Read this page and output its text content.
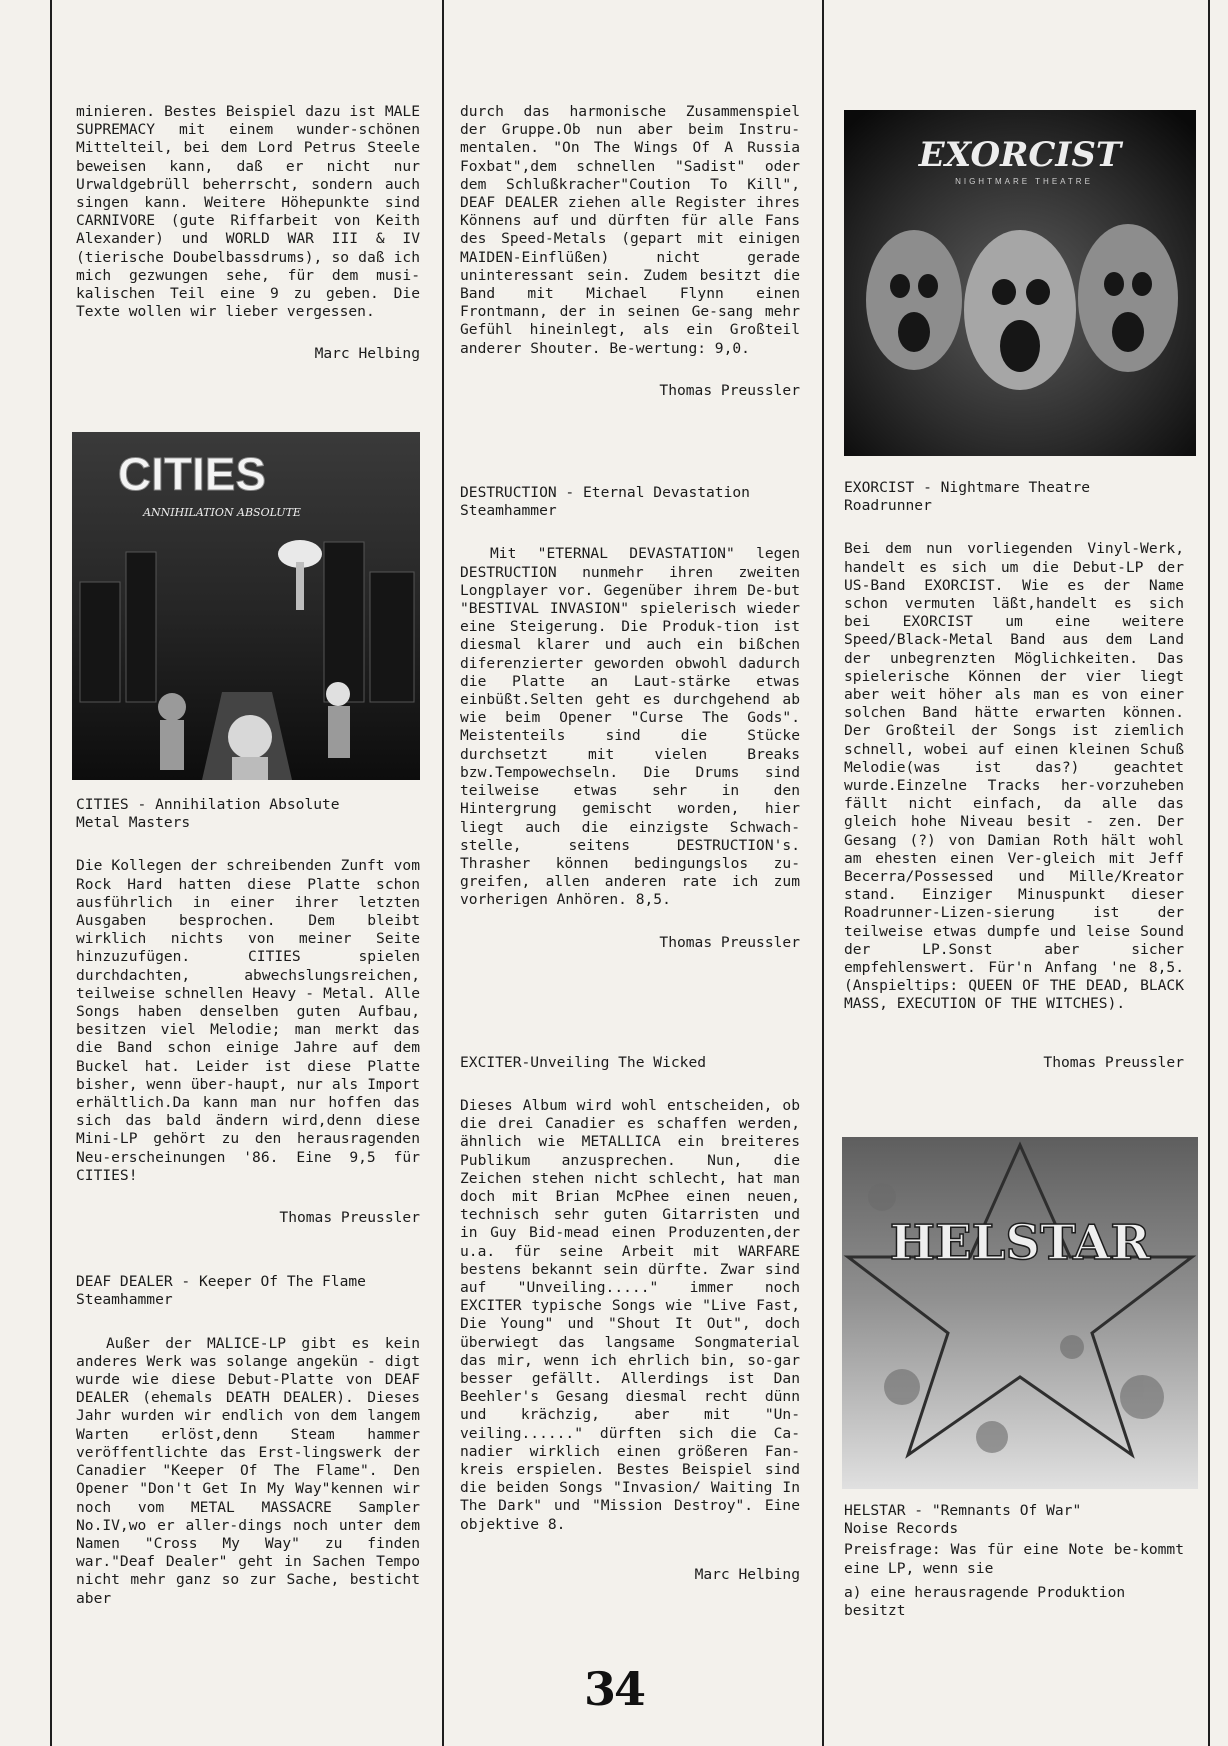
minieren. Bestes Beispiel dazu ist MALE SUPREMACY mit einem wunder-schönen Mittelteil, bei dem Lord Petrus Steele beweisen kann, daß er nicht nur Urwaldgebrüll beherrscht, sondern auch singen kann. Weitere Höhepunkte sind CARNIVORE (gute Riffarbeit von Keith Alexander) und WORLD WAR III & IV (tierische Doubelbassdrums), so daß ich mich gezwungen sehe, für dem musi-kalischen Teil eine 9 zu geben. Die Texte wollen wir lieber vergessen.

Marc Helbing

CITIES
ANNIHILATION ABSOLUTE

CITIES - Annihilation Absolute
Metal Masters

Die Kollegen der schreibenden Zunft vom Rock Hard hatten diese Platte schon ausführlich in einer ihrer letzten Ausgaben besprochen. Dem bleibt wirklich nichts von meiner Seite hinzuzufügen. CITIES spielen durchdachten, abwechslungsreichen, teilweise schnellen Heavy - Metal. Alle Songs haben denselben guten Aufbau, besitzen viel Melodie; man merkt das die Band schon einige Jahre auf dem Buckel hat. Leider ist diese Platte bisher, wenn über-haupt, nur als Import erhältlich.Da kann man nur hoffen das sich das bald ändern wird,denn diese Mini-LP gehört zu den herausragenden Neu-erscheinungen '86. Eine 9,5 für CITIES!

Thomas Preussler

DEAF DEALER - Keeper Of The Flame
Steamhammer

Außer der MALICE-LP gibt es kein anderes Werk was solange angekün - digt wurde wie diese Debut-Platte von DEAF DEALER (ehemals DEATH DEALER). Dieses Jahr wurden wir endlich von dem langem Warten erlöst,denn Steam hammer veröffentlichte das Erst-lingswerk der Canadier "Keeper Of The Flame". Den Opener "Don't Get In My Way"kennen wir noch vom METAL MASSACRE Sampler No.IV,wo er aller-dings noch unter dem Namen "Cross My Way" zu finden war."Deaf Dealer" geht in Sachen Tempo nicht mehr ganz so zur Sache, besticht aber

durch das harmonische Zusammenspiel der Gruppe.Ob nun aber beim Instru-mentalen. "On The Wings Of A Russia Foxbat",dem schnellen "Sadist" oder dem Schlußkracher"Coution To Kill", DEAF DEALER ziehen alle Register ihres Könnens auf und dürften für alle Fans des Speed-Metals (gepart mit einigen MAIDEN-Einflüßen) nicht gerade uninteressant sein. Zudem besitzt die Band mit Michael Flynn einen Frontmann, der in seinen Ge-sang mehr Gefühl hineinlegt, als ein Großteil anderer Shouter. Be-wertung: 9,0.

Thomas Preussler

DESTRUCTION - Eternal Devastation
Steamhammer

Mit "ETERNAL DEVASTATION" legen DESTRUCTION nunmehr ihren zweiten Longplayer vor. Gegenüber ihrem De-but "BESTIVAL INVASION" spielerisch wieder eine Steigerung. Die Produk-tion ist diesmal klarer und auch ein bißchen diferenzierter geworden obwohl dadurch die Platte an Laut-stärke etwas einbüßt.Selten geht es durchgehend ab wie beim Opener "Curse The Gods". Meistenteils sind die Stücke durchsetzt mit vielen Breaks bzw.Tempowechseln. Die Drums sind teilweise etwas sehr in den Hintergrung gemischt worden, hier liegt auch die einzigste Schwach-stelle, seitens DESTRUCTION's. Thrasher können bedingungslos zu-greifen, allen anderen rate ich zum vorherigen Anhören. 8,5.

Thomas Preussler

EXCITER-Unveiling The Wicked

Dieses Album wird wohl entscheiden, ob die drei Canadier es schaffen werden, ähnlich wie METALLICA ein breiteres Publikum anzusprechen. Nun, die Zeichen stehen nicht schlecht, hat man doch mit Brian McPhee einen neuen, technisch sehr guten Gitarristen und in Guy Bid-mead einen Produzenten,der u.a. für seine Arbeit mit WARFARE bestens bekannt sein dürfte. Zwar sind auf "Unveiling....." immer noch EXCITER typische Songs wie "Live Fast, Die Young" und "Shout It Out", doch überwiegt das langsame Songmaterial das mir, wenn ich ehrlich bin, so-gar besser gefällt. Allerdings ist Dan Beehler's Gesang diesmal recht dünn und krächzig, aber mit "Un-veiling......" dürften sich die Ca-nadier wirklich einen größeren Fan-kreis erspielen. Bestes Beispiel sind die beiden Songs "Invasion/ Waiting In The Dark" und "Mission Destroy". Eine objektive 8.

Marc Helbing

EXORCIST
NIGHTMARE THEATRE

EXORCIST - Nightmare Theatre
Roadrunner

Bei dem nun vorliegenden Vinyl-Werk, handelt es sich um die Debut-LP der US-Band EXORCIST. Wie es der Name schon vermuten läßt,handelt es sich bei EXORCIST um eine weitere Speed/Black-Metal Band aus dem Land der unbegrenzten Möglichkeiten. Das spielerische Können der vier liegt aber weit höher als man es von einer solchen Band hätte erwarten können. Der Großteil der Songs ist ziemlich schnell, wobei auf einen kleinen Schuß Melodie(was ist das?) geachtet wurde.Einzelne Tracks her-vorzuheben fällt nicht einfach, da alle das gleich hohe Niveau besit - zen. Der Gesang (?) von Damian Roth hält wohl am ehesten einen Ver-gleich mit Jeff Becerra/Possessed und Mille/Kreator stand. Einziger Minuspunkt dieser Roadrunner-Lizen-sierung ist der teilweise etwas dumpfe und leise Sound der LP.Sonst aber sicher empfehlenswert. Für'n Anfang 'ne 8,5. (Anspieltips: QUEEN OF THE DEAD, BLACK MASS, EXECUTION OF THE WITCHES).

Thomas Preussler

HELSTAR

HELSTAR - "Remnants Of War"
Noise Records

Preisfrage: Was für eine Note be-kommt eine LP, wenn sie

a) eine herausragende Produktion
besitzt

34
